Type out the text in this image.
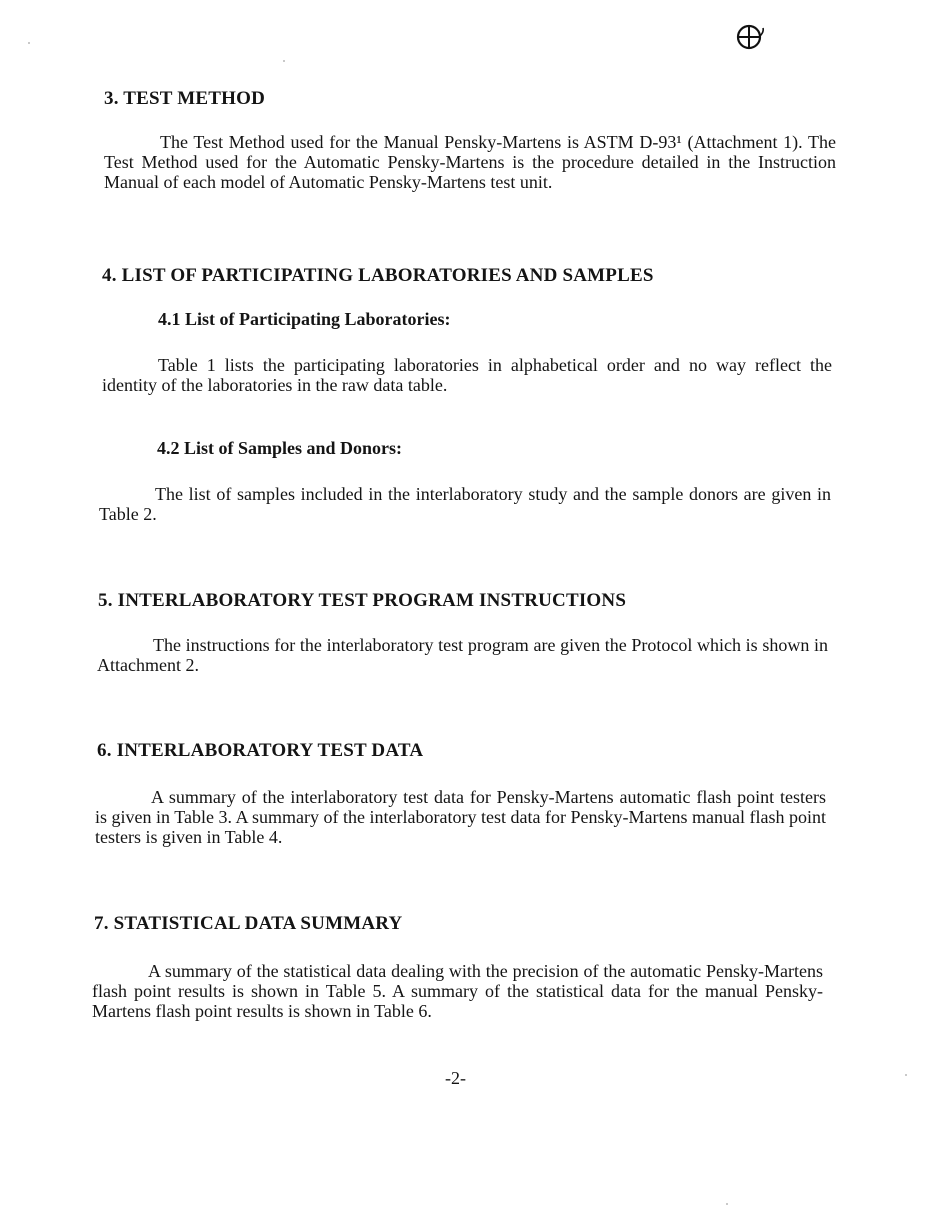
3. TEST METHOD

The Test Method used for the Manual Pensky-Martens is ASTM D-93¹ (Attachment 1). The Test Method used for the Automatic Pensky-Martens is the procedure detailed in the Instruction Manual of each model of Automatic Pensky-Martens test unit.

4. LIST OF PARTICIPATING LABORATORIES AND SAMPLES
4.1 List of Participating Laboratories:

Table 1 lists the participating laboratories in alphabetical order and no way reflect the identity of the laboratories in the raw data table.

4.2 List of Samples and Donors:

The list of samples included in the interlaboratory study and the sample donors are given in Table 2.

5. INTERLABORATORY TEST PROGRAM INSTRUCTIONS

The instructions for the interlaboratory test program are given the Protocol which is shown in Attachment 2.

6. INTERLABORATORY TEST DATA

A summary of the interlaboratory test data for Pensky-Martens automatic flash point testers is given in Table 3. A summary of the interlaboratory test data for Pensky-Martens manual flash point testers is given in Table 4.

7. STATISTICAL DATA SUMMARY

A summary of the statistical data dealing with the precision of the automatic Pensky-Martens flash point results is shown in Table 5. A summary of the statistical data for the manual Pensky-Martens flash point results is shown in Table 6.

-2-
